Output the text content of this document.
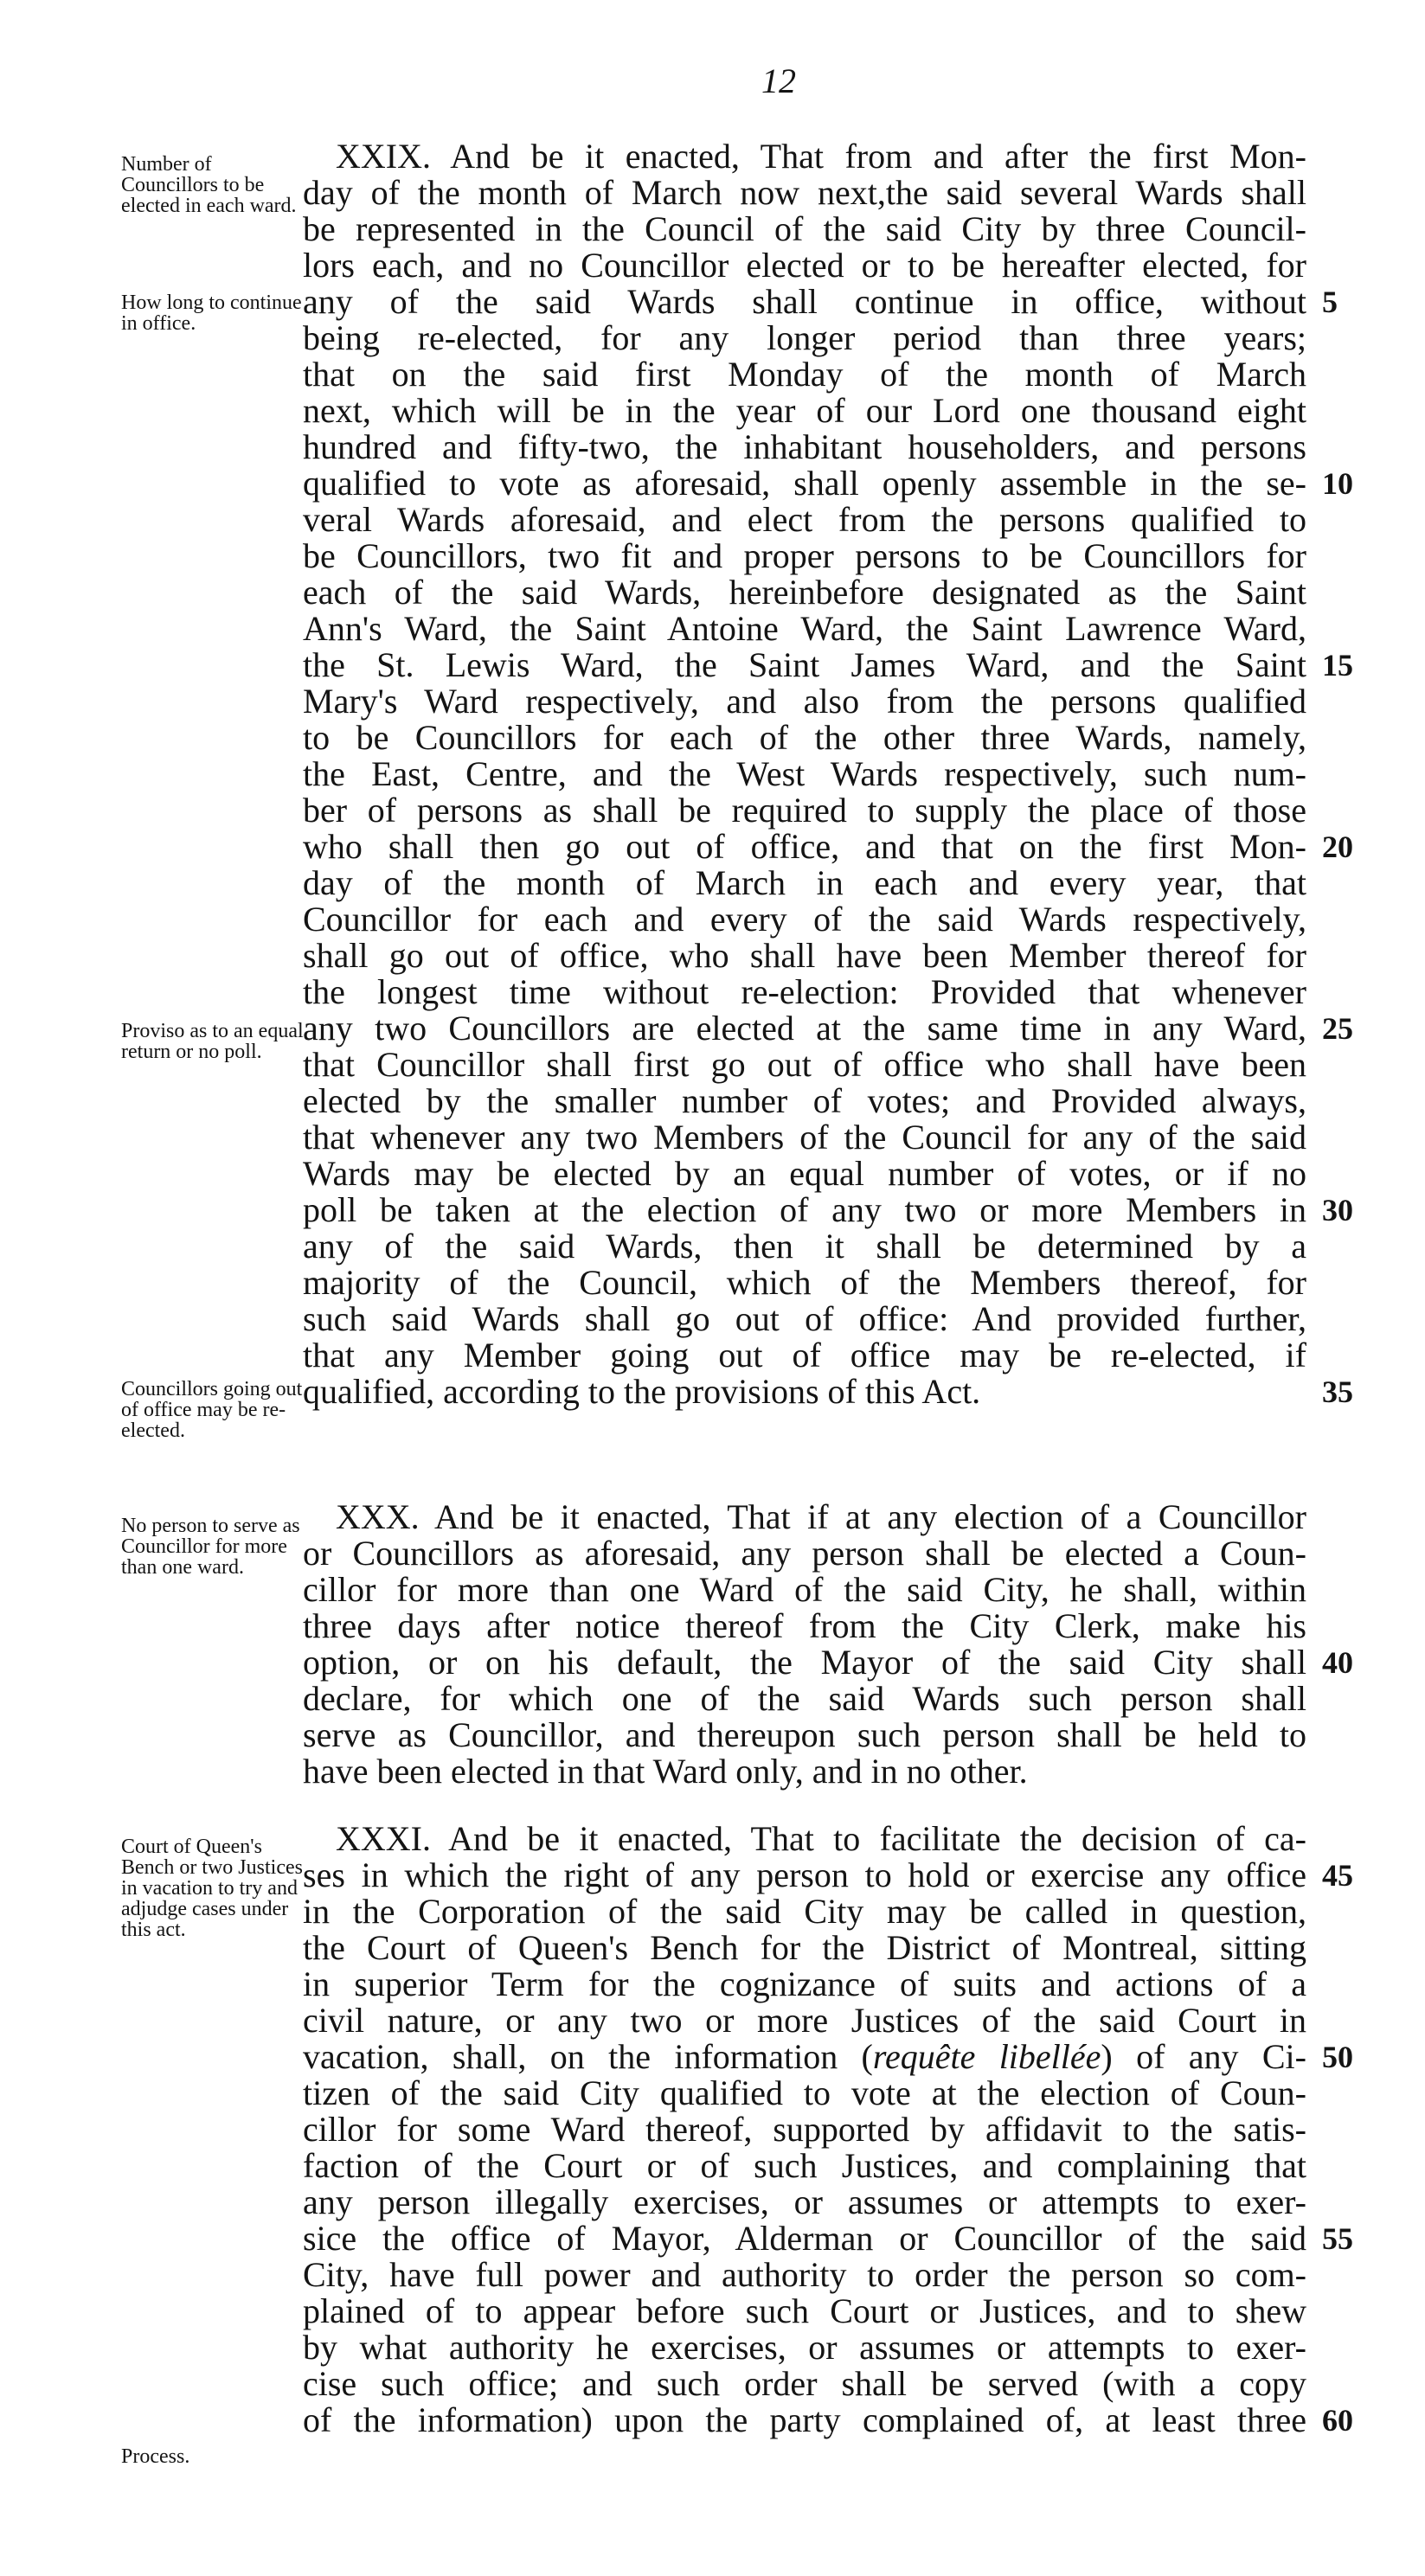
12
Number of Councillors to be elected in each ward.
How long to continue in office.
Proviso as to an equal return or no poll.
Councillors going out of office may be re-elected.
No person to serve as Councillor for more than one ward.
Court of Queen's Bench or two Justices in vacation to try and adjudge cases under this act.
Process.
XXIX. And be it enacted, That from and after the first Mon-
day of the month of March now next,the said several Wards shall
be represented in the Council of the said City by three Council-
lors each, and no Councillor elected or to be hereafter elected, for
any of the said Wards shall continue in office, without
being re-elected, for any longer period than three years;
that on the said first Monday of the month of March
next, which will be in the year of our Lord one thousand eight
hundred and fifty-two, the inhabitant householders, and persons
qualified to vote as aforesaid, shall openly assemble in the se-
veral Wards aforesaid, and elect from the persons qualified to
be Councillors, two fit and proper persons to be Councillors for
each of the said Wards, hereinbefore designated as the Saint
Ann's Ward, the Saint Antoine Ward, the Saint Lawrence Ward,
the St. Lewis Ward, the Saint James Ward, and the Saint
Mary's Ward respectively, and also from the persons qualified
to be Councillors for each of the other three Wards, namely,
the East, Centre, and the West Wards respectively, such num-
ber of persons as shall be required to supply the place of those
who shall then go out of office, and that on the first Mon-
day of the month of March in each and every year, that
Councillor for each and every of the said Wards respectively,
shall go out of office, who shall have been Member thereof for
the longest time without re-election: Provided that whenever
any two Councillors are elected at the same time in any Ward,
that Councillor shall first go out of office who shall have been
elected by the smaller number of votes; and Provided always,
that whenever any two Members of the Council for any of the said
Wards may be elected by an equal number of votes, or if no
poll be taken at the election of any two or more Members in
any of the said Wards, then it shall be determined by a
majority of the Council, which of the Members thereof, for
such said Wards shall go out of office: And provided further,
that any Member going out of office may be re-elected, if
qualified, according to the provisions of this Act.
XXX. And be it enacted, That if at any election of a Councillor
or Councillors as aforesaid, any person shall be elected a Coun-
cillor for more than one Ward of the said City, he shall, within
three days after notice thereof from the City Clerk, make his
option, or on his default, the Mayor of the said City shall
declare, for which one of the said Wards such person shall
serve as Councillor, and thereupon such person shall be held to
have been elected in that Ward only, and in no other.
XXXI. And be it enacted, That to facilitate the decision of ca-
ses in which the right of any person to hold or exercise any office
in the Corporation of the said City may be called in question,
the Court of Queen's Bench for the District of Montreal, sitting
in superior Term for the cognizance of suits and actions of a
civil nature, or any two or more Justices of the said Court in
vacation, shall, on the information (requête libellée) of any Ci-
tizen of the said City qualified to vote at the election of Coun-
cillor for some Ward thereof, supported by affidavit to the satis-
faction of the Court or of such Justices, and complaining that
any person illegally exercises, or assumes or attempts to exer-
sice the office of Mayor, Alderman or Councillor of the said
City, have full power and authority to order the person so com-
plained of to appear before such Court or Justices, and to shew
by what authority he exercises, or assumes or attempts to exer-
cise such office; and such order shall be served (with a copy
of the information) upon the party complained of, at least three
5
10
15
20
25
30
35
40
45
50
55
60
